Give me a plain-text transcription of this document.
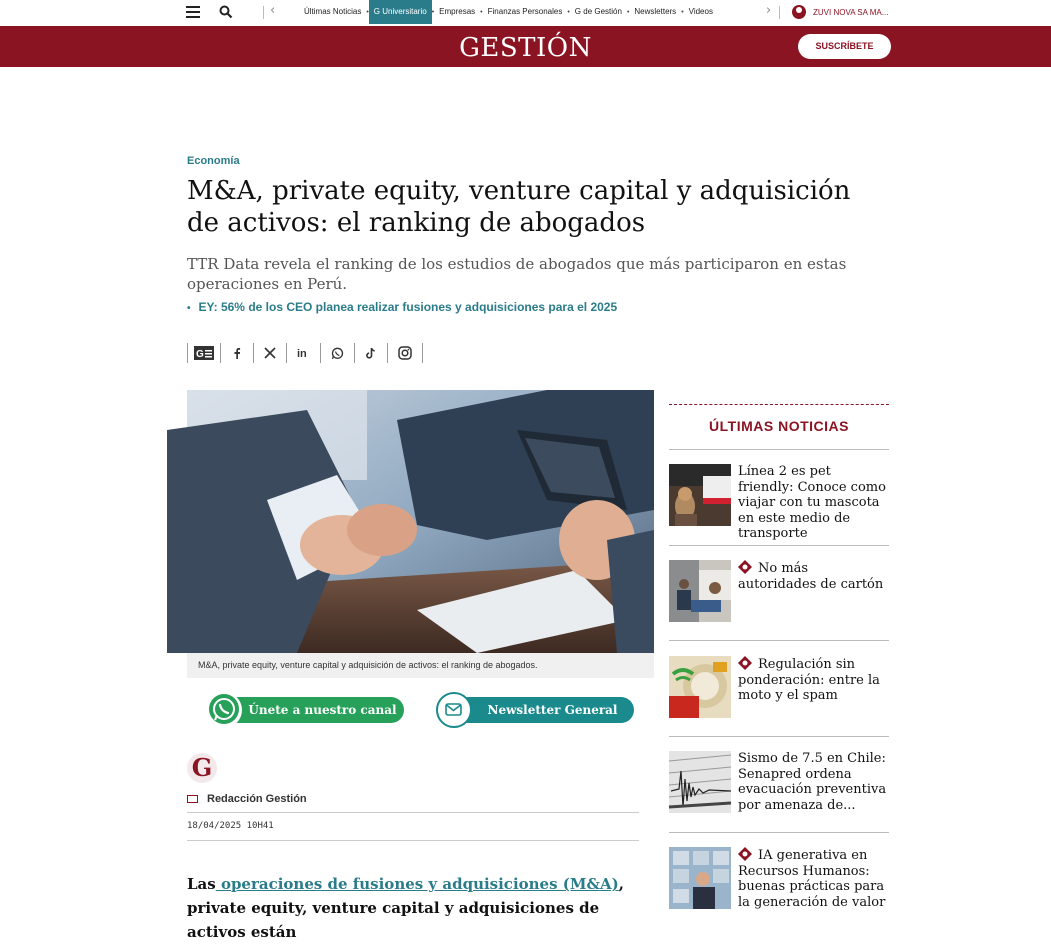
‹	Últimas Noticias • G Universitario • Empresas • Finanzas Personales • G de Gestión • Newsletters • Videos	›	ZUVI NOVA SA MA...
GESTIÓN	SUSCRÍBETE
Economía
M&A, private equity, venture capital y adquisición de activos: el ranking de abogados
TTR Data revela el ranking de los estudios de abogados que más participaron en estas operaciones en Perú.
• EY: 56% de los CEO planea realizar fusiones y adquisiciones para el 2025
G	in
M&A, private equity, venture capital y adquisición de activos: el ranking de abogados.
Únete a nuestro canal	Newsletter General
G
Redacción Gestión
18/04/2025 10H41
Las operaciones de fusiones y adquisiciones (M&A), private equity, venture capital y adquisiciones de activos están
ÚLTIMAS NOTICIAS
Línea 2 es pet friendly: Conoce como viajar con tu mascota en este medio de transporte
No más autoridades de cartón
Regulación sin ponderación: entre la moto y el spam
Sismo de 7.5 en Chile: Senapred ordena evacuación preventiva por amenaza de...
IA generativa en Recursos Humanos: buenas prácticas para la generación de valor
